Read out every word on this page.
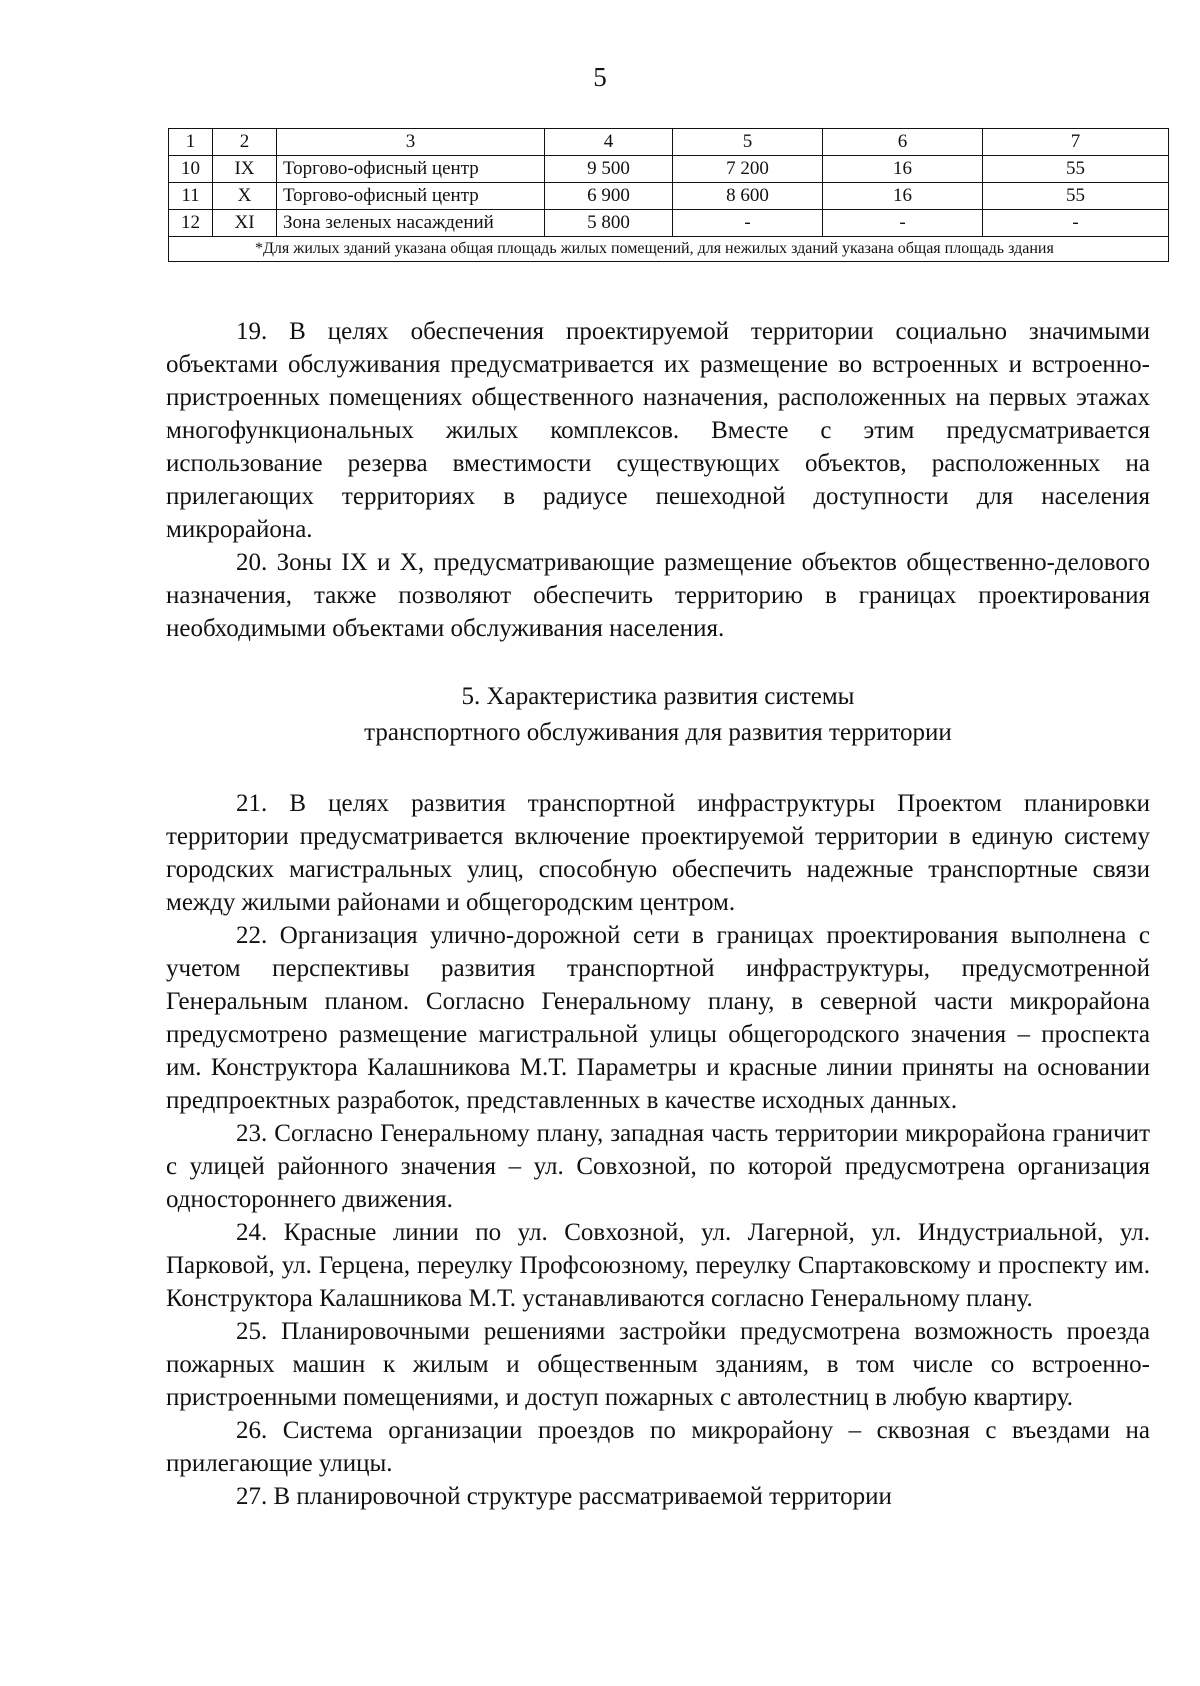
5
1	2	3	4	5	6	7
10	IX	Торгово-офисный центр	9 500	7 200	16	55
11	X	Торгово-офисный центр	6 900	8 600	16	55
12	XI	Зона зеленых насаждений	5 800	-	-	-
*Для жилых зданий указана общая площадь жилых помещений, для нежилых зданий указана общая площадь здания						

19. В целях обеспечения проектируемой территории социально значимыми объектами обслуживания предусматривается их размещение во встроенных и встроенно-пристроенных помещениях общественного назначения, расположенных на первых этажах многофункциональных жилых комплексов. Вместе с этим предусматривается использование резерва вместимости существующих объектов, расположенных на прилегающих территориях в радиусе пешеходной доступности для населения микрорайона.

20. Зоны IX и X, предусматривающие размещение объектов общественно-делового назначения, также позволяют обеспечить территорию в границах проектирования необходимыми объектами обслуживания населения.

5. Характеристика развития системы
транспортного обслуживания для развития территории

21. В целях развития транспортной инфраструктуры Проектом планировки территории предусматривается включение проектируемой территории в единую систему городских магистральных улиц, способную обеспечить надежные транспортные связи между жилыми районами и общегородским центром.

22. Организация улично-дорожной сети в границах проектирования выполнена с учетом перспективы развития транспортной инфраструктуры, предусмотренной Генеральным планом. Согласно Генеральному плану, в северной части микрорайона предусмотрено размещение магистральной улицы общегородского значения – проспекта им. Конструктора Калашникова М.Т. Параметры и красные линии приняты на основании предпроектных разработок, представленных в качестве исходных данных.

23. Согласно Генеральному плану, западная часть территории микрорайона граничит с улицей районного значения – ул. Совхозной, по которой предусмотрена организация одностороннего движения.

24. Красные линии по ул. Совхозной, ул. Лагерной, ул. Индустриальной, ул. Парковой, ул. Герцена, переулку Профсоюзному, переулку Спартаковскому и проспекту им. Конструктора Калашникова М.Т. устанавливаются согласно Генеральному плану.

25. Планировочными решениями застройки предусмотрена возможность проезда пожарных машин к жилым и общественным зданиям, в том числе со встроенно-пристроенными помещениями, и доступ пожарных с автолестниц в любую квартиру.

26. Система организации проездов по микрорайону – сквозная с въездами на прилегающие улицы.

27. В планировочной структуре рассматриваемой территории
